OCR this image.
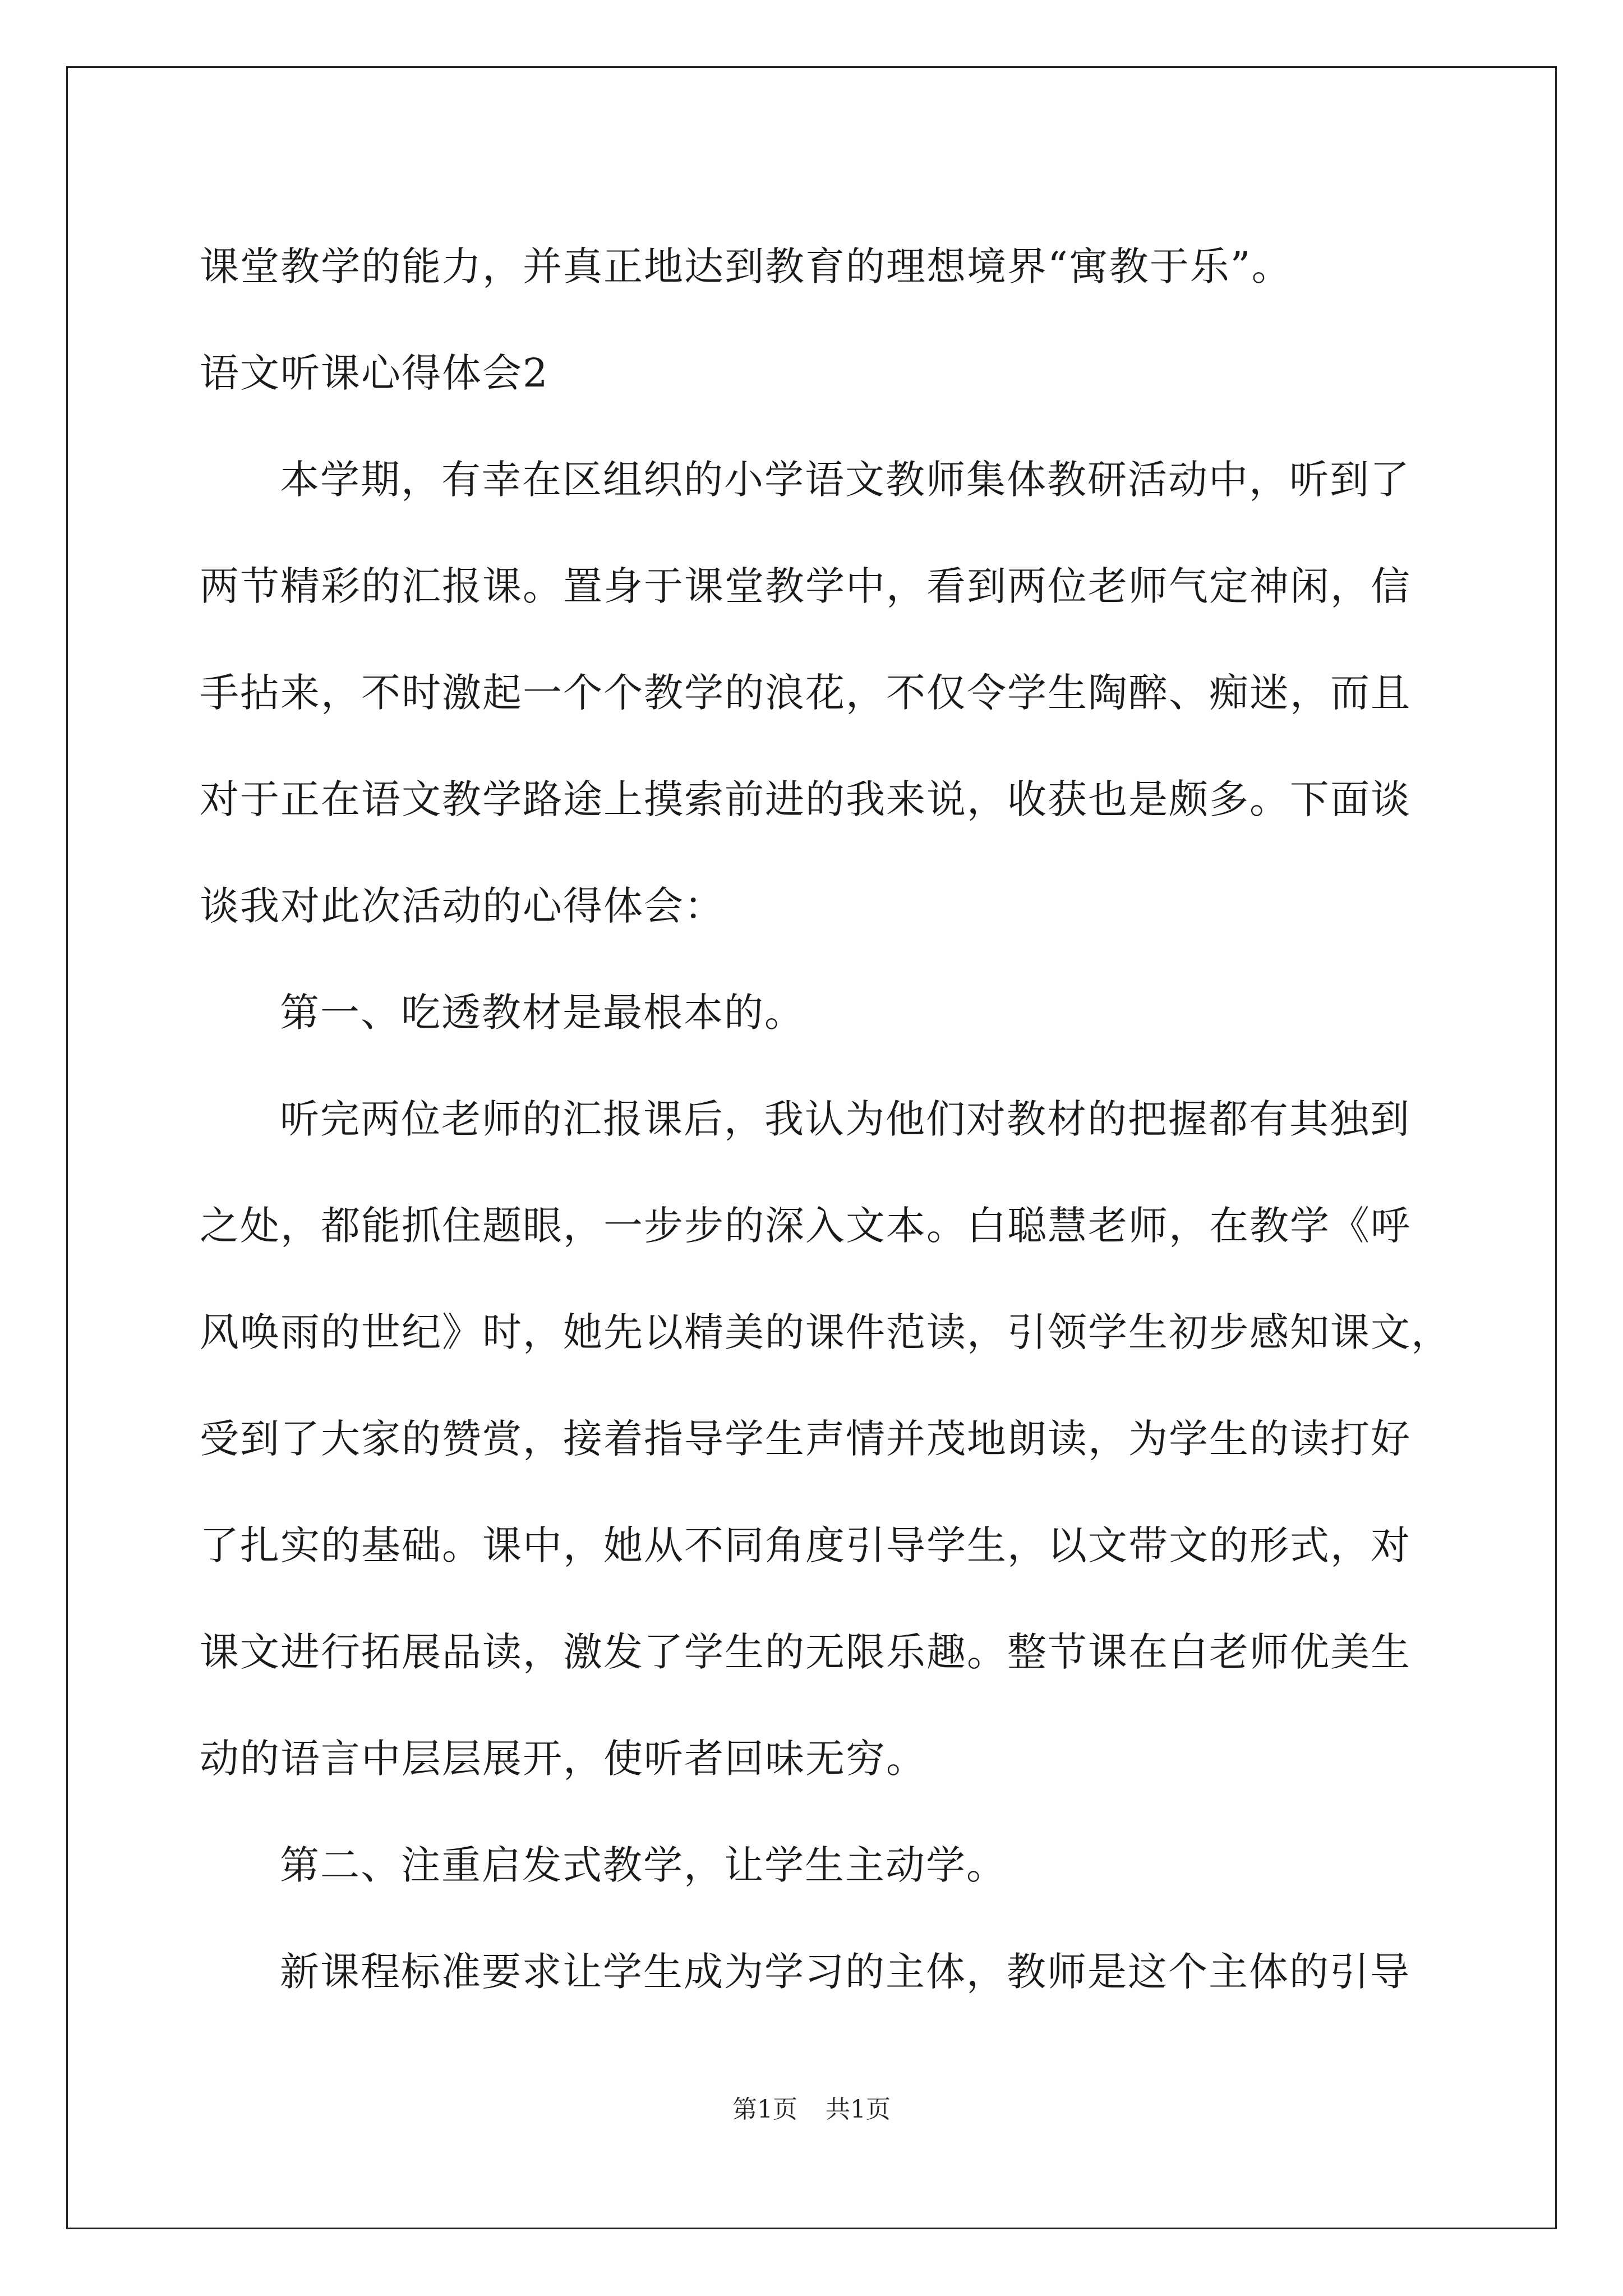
课堂教学的能力，并真正地达到教育的理想境界“寓教于乐”。
语文听课心得体会2
本学期，有幸在区组织的小学语文教师集体教研活动中，听到了
两节精彩的汇报课。置身于课堂教学中，看到两位老师气定神闲，信
手拈来，不时激起一个个教学的浪花，不仅令学生陶醉、痴迷，而且
对于正在语文教学路途上摸索前进的我来说，收获也是颇多。下面谈
谈我对此次活动的心得体会：
第一、吃透教材是最根本的。
听完两位老师的汇报课后，我认为他们对教材的把握都有其独到
之处，都能抓住题眼，一步步的深入文本。白聪慧老师，在教学《呼
风唤雨的世纪》时，她先以精美的课件范读，引领学生初步感知课文，
受到了大家的赞赏，接着指导学生声情并茂地朗读，为学生的读打好
了扎实的基础。课中，她从不同角度引导学生，以文带文的形式，对
课文进行拓展品读，激发了学生的无限乐趣。整节课在白老师优美生
动的语言中层层展开，使听者回味无穷。
第二、注重启发式教学，让学生主动学。
新课程标准要求让学生成为学习的主体，教师是这个主体的引导
第1页 共1页
